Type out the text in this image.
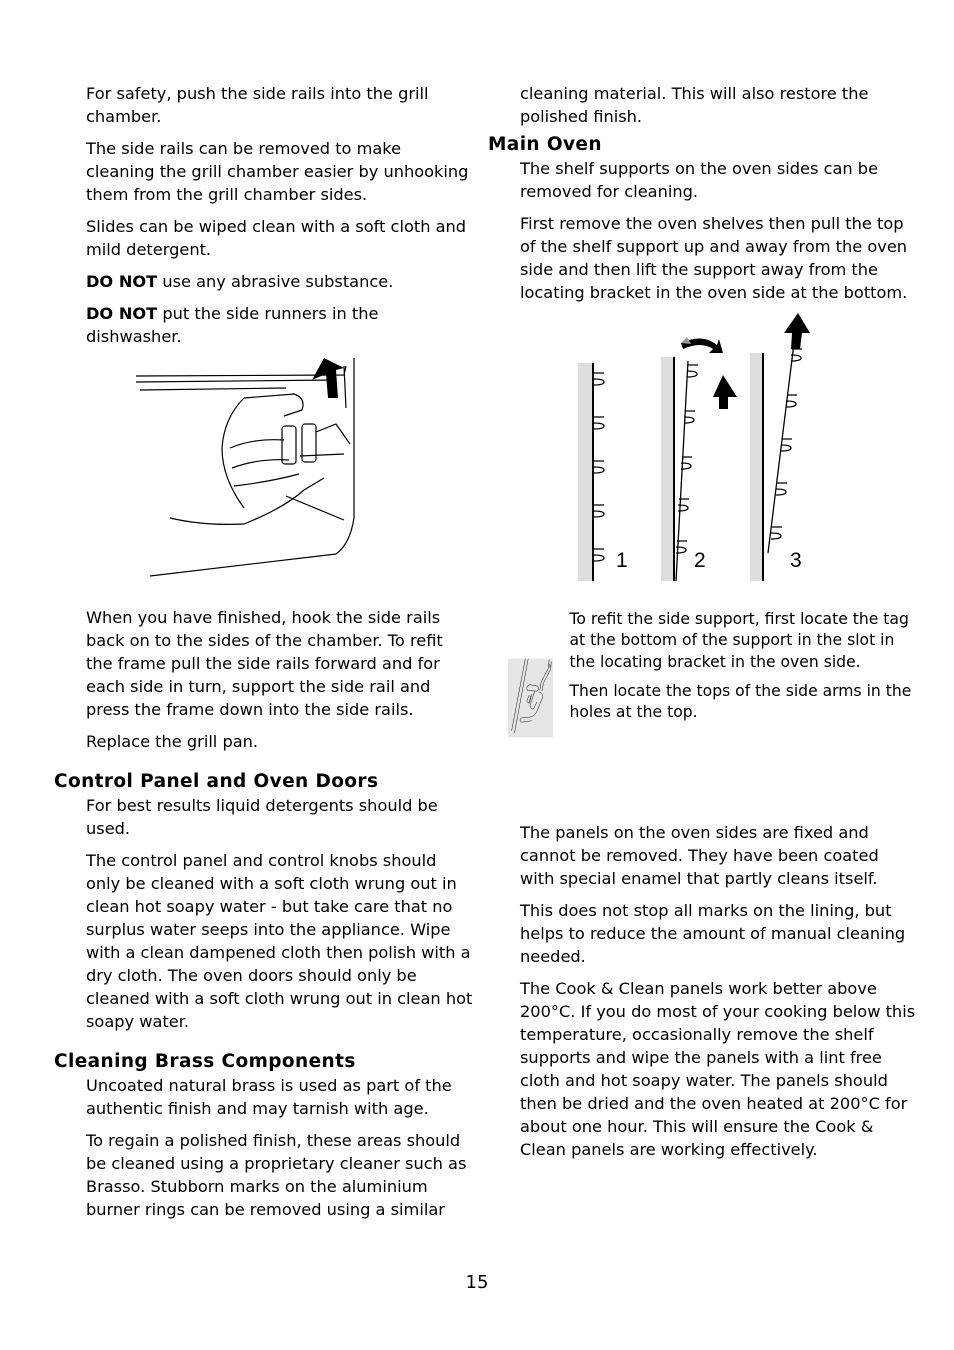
For safety, push the side rails into the grill chamber.

The side rails can be removed to make cleaning the grill chamber easier by unhooking them from the grill chamber sides.

Slides can be wiped clean with a soft cloth and mild detergent.

DO NOT use any abrasive substance.

DO NOT put the side runners in the dishwasher.

When you have finished, hook the side rails back on to the sides of the chamber. To refit the frame pull the side rails forward and for each side in turn, support the side rail and press the frame down into the side rails.

Replace the grill pan.

Control Panel and Oven Doors

For best results liquid detergents should be used.

The control panel and control knobs should only be cleaned with a soft cloth wrung out in clean hot soapy water - but take care that no surplus water seeps into the appliance. Wipe with a clean dampened cloth then polish with a dry cloth. The oven doors should only be cleaned with a soft cloth wrung out in clean hot soapy water.

Cleaning Brass Components

Uncoated natural brass is used as part of the authentic finish and may tarnish with age.

To regain a polished finish, these areas should be cleaned using a proprietary cleaner such as Brasso. Stubborn marks on the aluminium burner rings can be removed using a similar

cleaning material. This will also restore the polished finish.

Main Oven

The shelf supports on the oven sides can be removed for cleaning.

First remove the oven shelves then pull the top of the shelf support up and away from the oven side and then lift the support away from the locating bracket in the oven side at the bottom.

1	2	3

To refit the side support, first locate the tag at the bottom of the support in the slot in the locating bracket in the oven side.

Then locate the tops of the side arms in the holes at the top.

The panels on the oven sides are fixed and cannot be removed. They have been coated with special enamel that partly cleans itself.

This does not stop all marks on the lining, but helps to reduce the amount of manual cleaning needed.

The Cook & Clean panels work better above 200°C. If you do most of your cooking below this temperature, occasionally remove the shelf supports and wipe the panels with a lint free cloth and hot soapy water. The panels should then be dried and the oven heated at 200°C for about one hour. This will ensure the Cook & Clean panels are working effectively.

15
